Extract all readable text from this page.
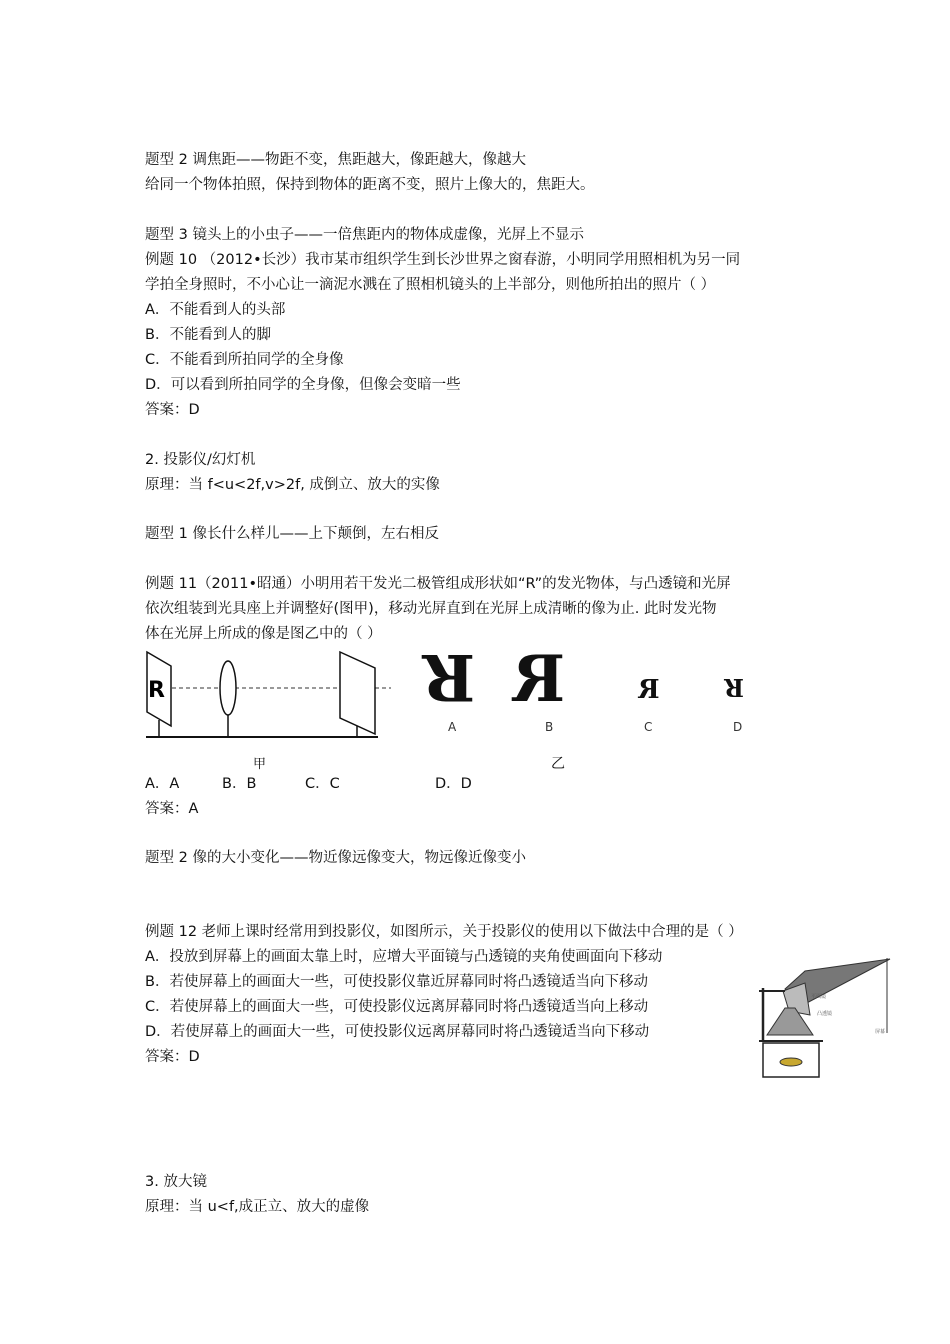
题型 2 调焦距——物距不变，焦距越大，像距越大，像越大
给同一个物体拍照，保持到物体的距离不变，照片上像大的，焦距大。
题型 3 镜头上的小虫子——一倍焦距内的物体成虚像，光屏上不显示
例题 10 （2012•长沙）我市某市组织学生到长沙世界之窗春游，小明同学用照相机为另一同
学拍全身照时，不小心让一滴泥水溅在了照相机镜头的上半部分，则他所拍出的照片（ ）
A．不能看到人的头部
B．不能看到人的脚
C．不能看到所拍同学的全身像
D．可以看到所拍同学的全身像，但像会变暗一些
答案：D
2. 投影仪/幻灯机
原理：当 f<u<2f,v>2f, 成倒立、放大的实像
题型 1 像长什么样儿——上下颠倒，左右相反
例题 11（2011•昭通）小明用若干发光二极管组成形状如“R”的发光物体，与凸透镜和光屏
依次组装到光具座上并调整好(图甲)，移动光屏直到在光屏上成清晰的像为止. 此时发光物
体在光屏上所成的像是图乙中的（ ）
R
甲
R
A
R
B
R
C
R
D
乙
A．A	B．B	C．C	D．D
答案：A
题型 2 像的大小变化——物近像远像变大，物远像近像变小
例题 12 老师上课时经常用到投影仪，如图所示，关于投影仪的使用以下做法中合理的是（ ）
A．投放到屏幕上的画面太靠上时，应增大平面镜与凸透镜的夹角使画面向下移动
B．若使屏幕上的画面大一些，可使投影仪靠近屏幕同时将凸透镜适当向下移动
C．若使屏幕上的画面大一些，可使投影仪远离屏幕同时将凸透镜适当向上移动
D．若使屏幕上的画面大一些，可使投影仪远离屏幕同时将凸透镜适当向下移动
答案：D
平面镜
凸透镜
屏幕
3. 放大镜
原理：当 u<f,成正立、放大的虚像
